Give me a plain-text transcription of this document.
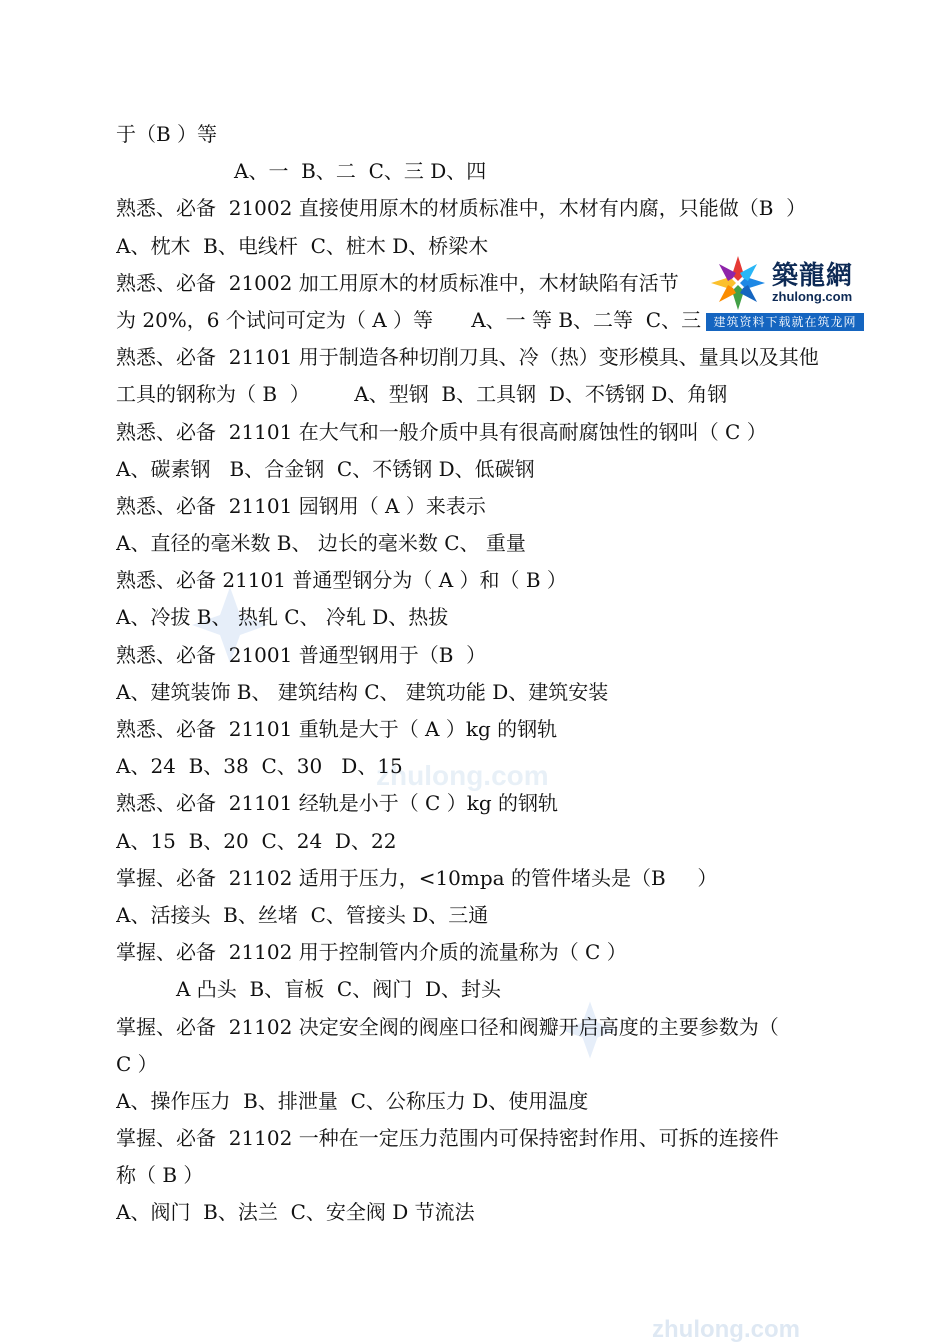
zhulong.com
于（B ）等
A、一  B、二  C、三 D、四
熟悉、必备  21002 直接使用原木的材质标准中，木材有内腐，只能做（B  ）
A、枕木  B、电线杆  C、桩木 D、桥梁木
熟悉、必备  21002 加工用原木的材质标准中，木材缺陷有活节
为 20%，6 个试问可定为（ A ）等      A、一 等 B、二等  C、三
熟悉、必备  21101 用于制造各种切削刀具、冷（热）变形模具、量具以及其他
工具的钢称为（ B  ）       A、型钢  B、工具钢  D、不锈钢 D、角钢
熟悉、必备  21101 在大气和一般介质中具有很高耐腐蚀性的钢叫（ C ）
A、碳素钢   B、合金钢  C、不锈钢 D、低碳钢
熟悉、必备  21101 园钢用（ A ）来表示
A、直径的毫米数 B、 边长的毫米数 C、 重量
熟悉、必备 21101 普通型钢分为（ A ）和（ B ）
A、冷拔 B、 热轧 C、 冷轧 D、热拔
熟悉、必备  21001 普通型钢用于（B  ）
A、建筑装饰 B、 建筑结构 C、 建筑功能 D、建筑安装
熟悉、必备  21101 重轨是大于（ A ）kg 的钢轨
A、24  B、38  C、30   D、15
熟悉、必备  21101 经轨是小于（ C ）kg 的钢轨
A、15  B、20  C、24  D、22
掌握、必备  21102 适用于压力，<10mpa 的管件堵头是（B     ）
A、活接头  B、丝堵  C、管接头 D、三通
掌握、必备  21102 用于控制管内介质的流量称为（ C ）
A 凸头  B、盲板  C、阀门  D、封头
掌握、必备  21102 决定安全阀的阀座口径和阀瓣开启高度的主要参数为（
C ）
A、操作压力  B、排泄量  C、公称压力 D、使用温度
掌握、必备  21102 一种在一定压力范围内可保持密封作用、可拆的连接件
称（ B ）
A、阀门  B、法兰  C、安全阀 D 节流法
築龍網
zhulong.com
建筑资料下载就在筑龙网
zhulong.com
